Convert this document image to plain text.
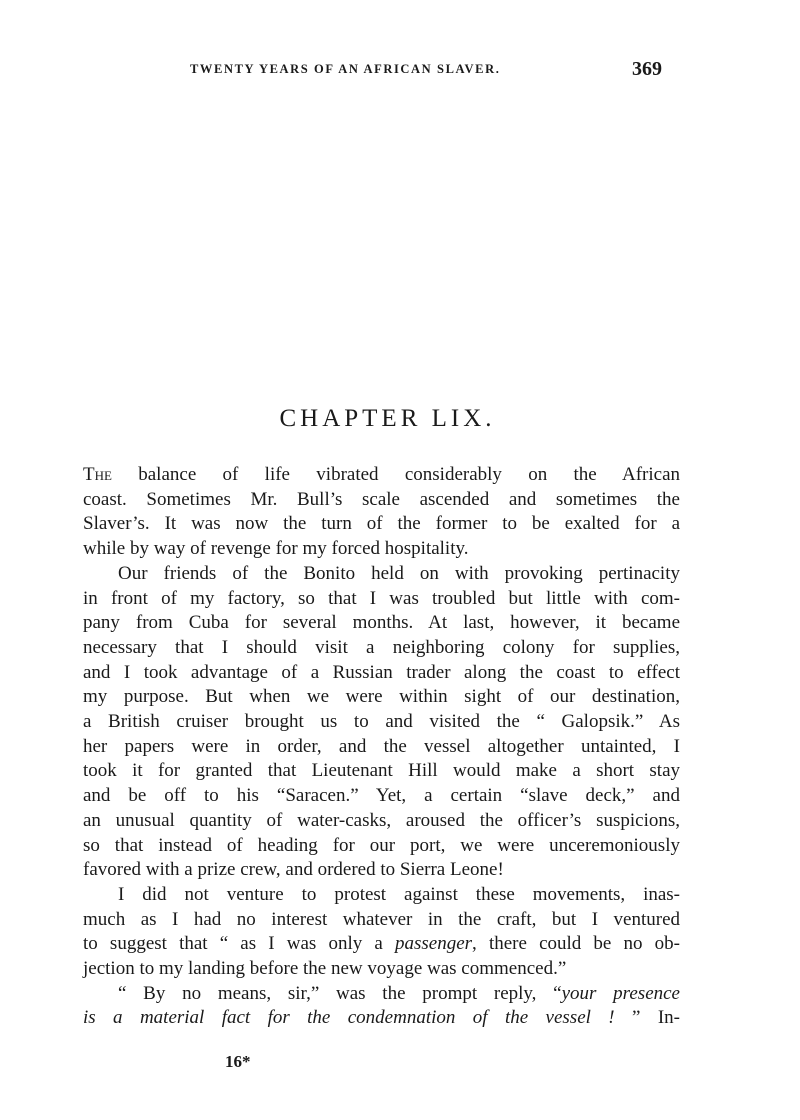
TWENTY YEARS OF AN AFRICAN SLAVER.	369
CHAPTER LIX.
The balance of life vibrated considerably on the African
coast. Sometimes Mr. Bull’s scale ascended and sometimes the
Slaver’s. It was now the turn of the former to be exalted for a
while by way of revenge for my forced hospitality.
Our friends of the Bonito held on with provoking pertinacity
in front of my factory, so that I was troubled but little with com-
pany from Cuba for several months. At last, however, it became
necessary that I should visit a neighboring colony for supplies,
and I took advantage of a Russian trader along the coast to effect
my purpose. But when we were within sight of our destination,
a British cruiser brought us to and visited the “ Galopsik.” As
her papers were in order, and the vessel altogether untainted, I
took it for granted that Lieutenant Hill would make a short stay
and be off to his “Saracen.” Yet, a certain “slave deck,” and
an unusual quantity of water-casks, aroused the officer’s suspicions,
so that instead of heading for our port, we were unceremoniously
favored with a prize crew, and ordered to Sierra Leone!
I did not venture to protest against these movements, inas-
much as I had no interest whatever in the craft, but I ventured
to suggest that “ as I was only a passenger, there could be no ob-
jection to my landing before the new voyage was commenced.”
“ By no means, sir,” was the prompt reply, “your presence
is a material fact for the condemnation of the vessel ! ” In-
16*
